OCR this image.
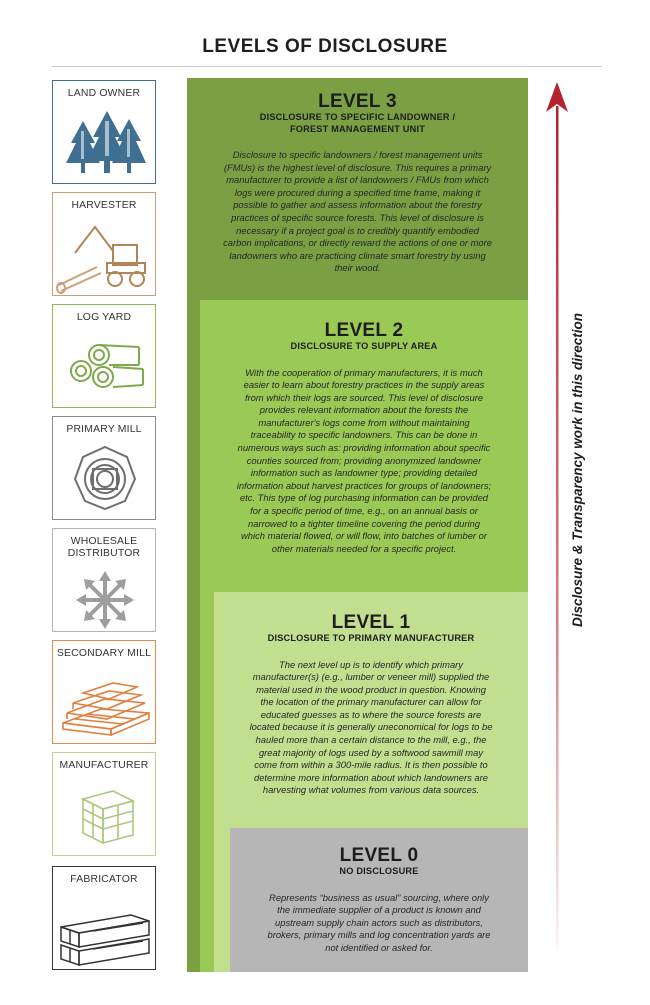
LEVELS OF DISCLOSURE
LEVEL 3
DISCLOSURE TO SPECIFIC LANDOWNER /
FOREST MANAGEMENT UNIT
Disclosure to specific landowners / forest management units
(FMUs) is the highest level of disclosure. This requires a primary
manufacturer to provide a list of landowners / FMUs from which
logs were procured during a specified time frame, making it
possible to gather and assess information about the forestry
practices of specific source forests. This level of disclosure is
necessary if a project goal is to credibly quantify embodied
carbon implications, or directly reward the actions of one or more
landowners who are practicing climate smart forestry by using
their wood.
LEVEL 2
DISCLOSURE TO SUPPLY AREA
With the cooperation of primary manufacturers, it is much
easier to learn about forestry practices in the supply areas
from which their logs are sourced. This level of disclosure
provides relevant information about the forests the
manufacturer's logs come from without maintaining
traceability to specific landowners. This can be done in
numerous ways such as: providing information about specific
counties sourced from; providing anonymized landowner
information such as landowner type; providing detailed
information about harvest practices for groups of landowners;
etc. This type of log purchasing information can be provided
for a specific period of time, e.g., on an annual basis or
narrowed to a tighter timeline covering the period during
which material flowed, or will flow, into batches of lumber or
other materials needed for a specific project.
LEVEL 1
DISCLOSURE TO PRIMARY MANUFACTURER
The next level up is to identify which primary
manufacturer(s) (e.g., lumber or veneer mill) supplied the
material used in the wood product in question. Knowing
the location of the primary manufacturer can allow for
educated guesses as to where the source forests are
located because it is generally uneconomical for logs to be
hauled more than a certain distance to the mill, e.g., the
great majority of logs used by a softwood sawmill may
come from within a 300-mile radius. It is then possible to
determine more information about which landowners are
harvesting what volumes from various data sources.
LEVEL 0
NO DISCLOSURE
Represents “business as usual” sourcing, where only
the immediate supplier of a product is known and
upstream supply chain actors such as distributors,
brokers, primary mills and log concentration yards are
not identified or asked for.
LAND OWNER
HARVESTER
LOG YARD
PRIMARY MILL
WHOLESALE
DISTRIBUTOR
SECONDARY MILL
MANUFACTURER
FABRICATOR
Disclosure & Transparency work in this direction
